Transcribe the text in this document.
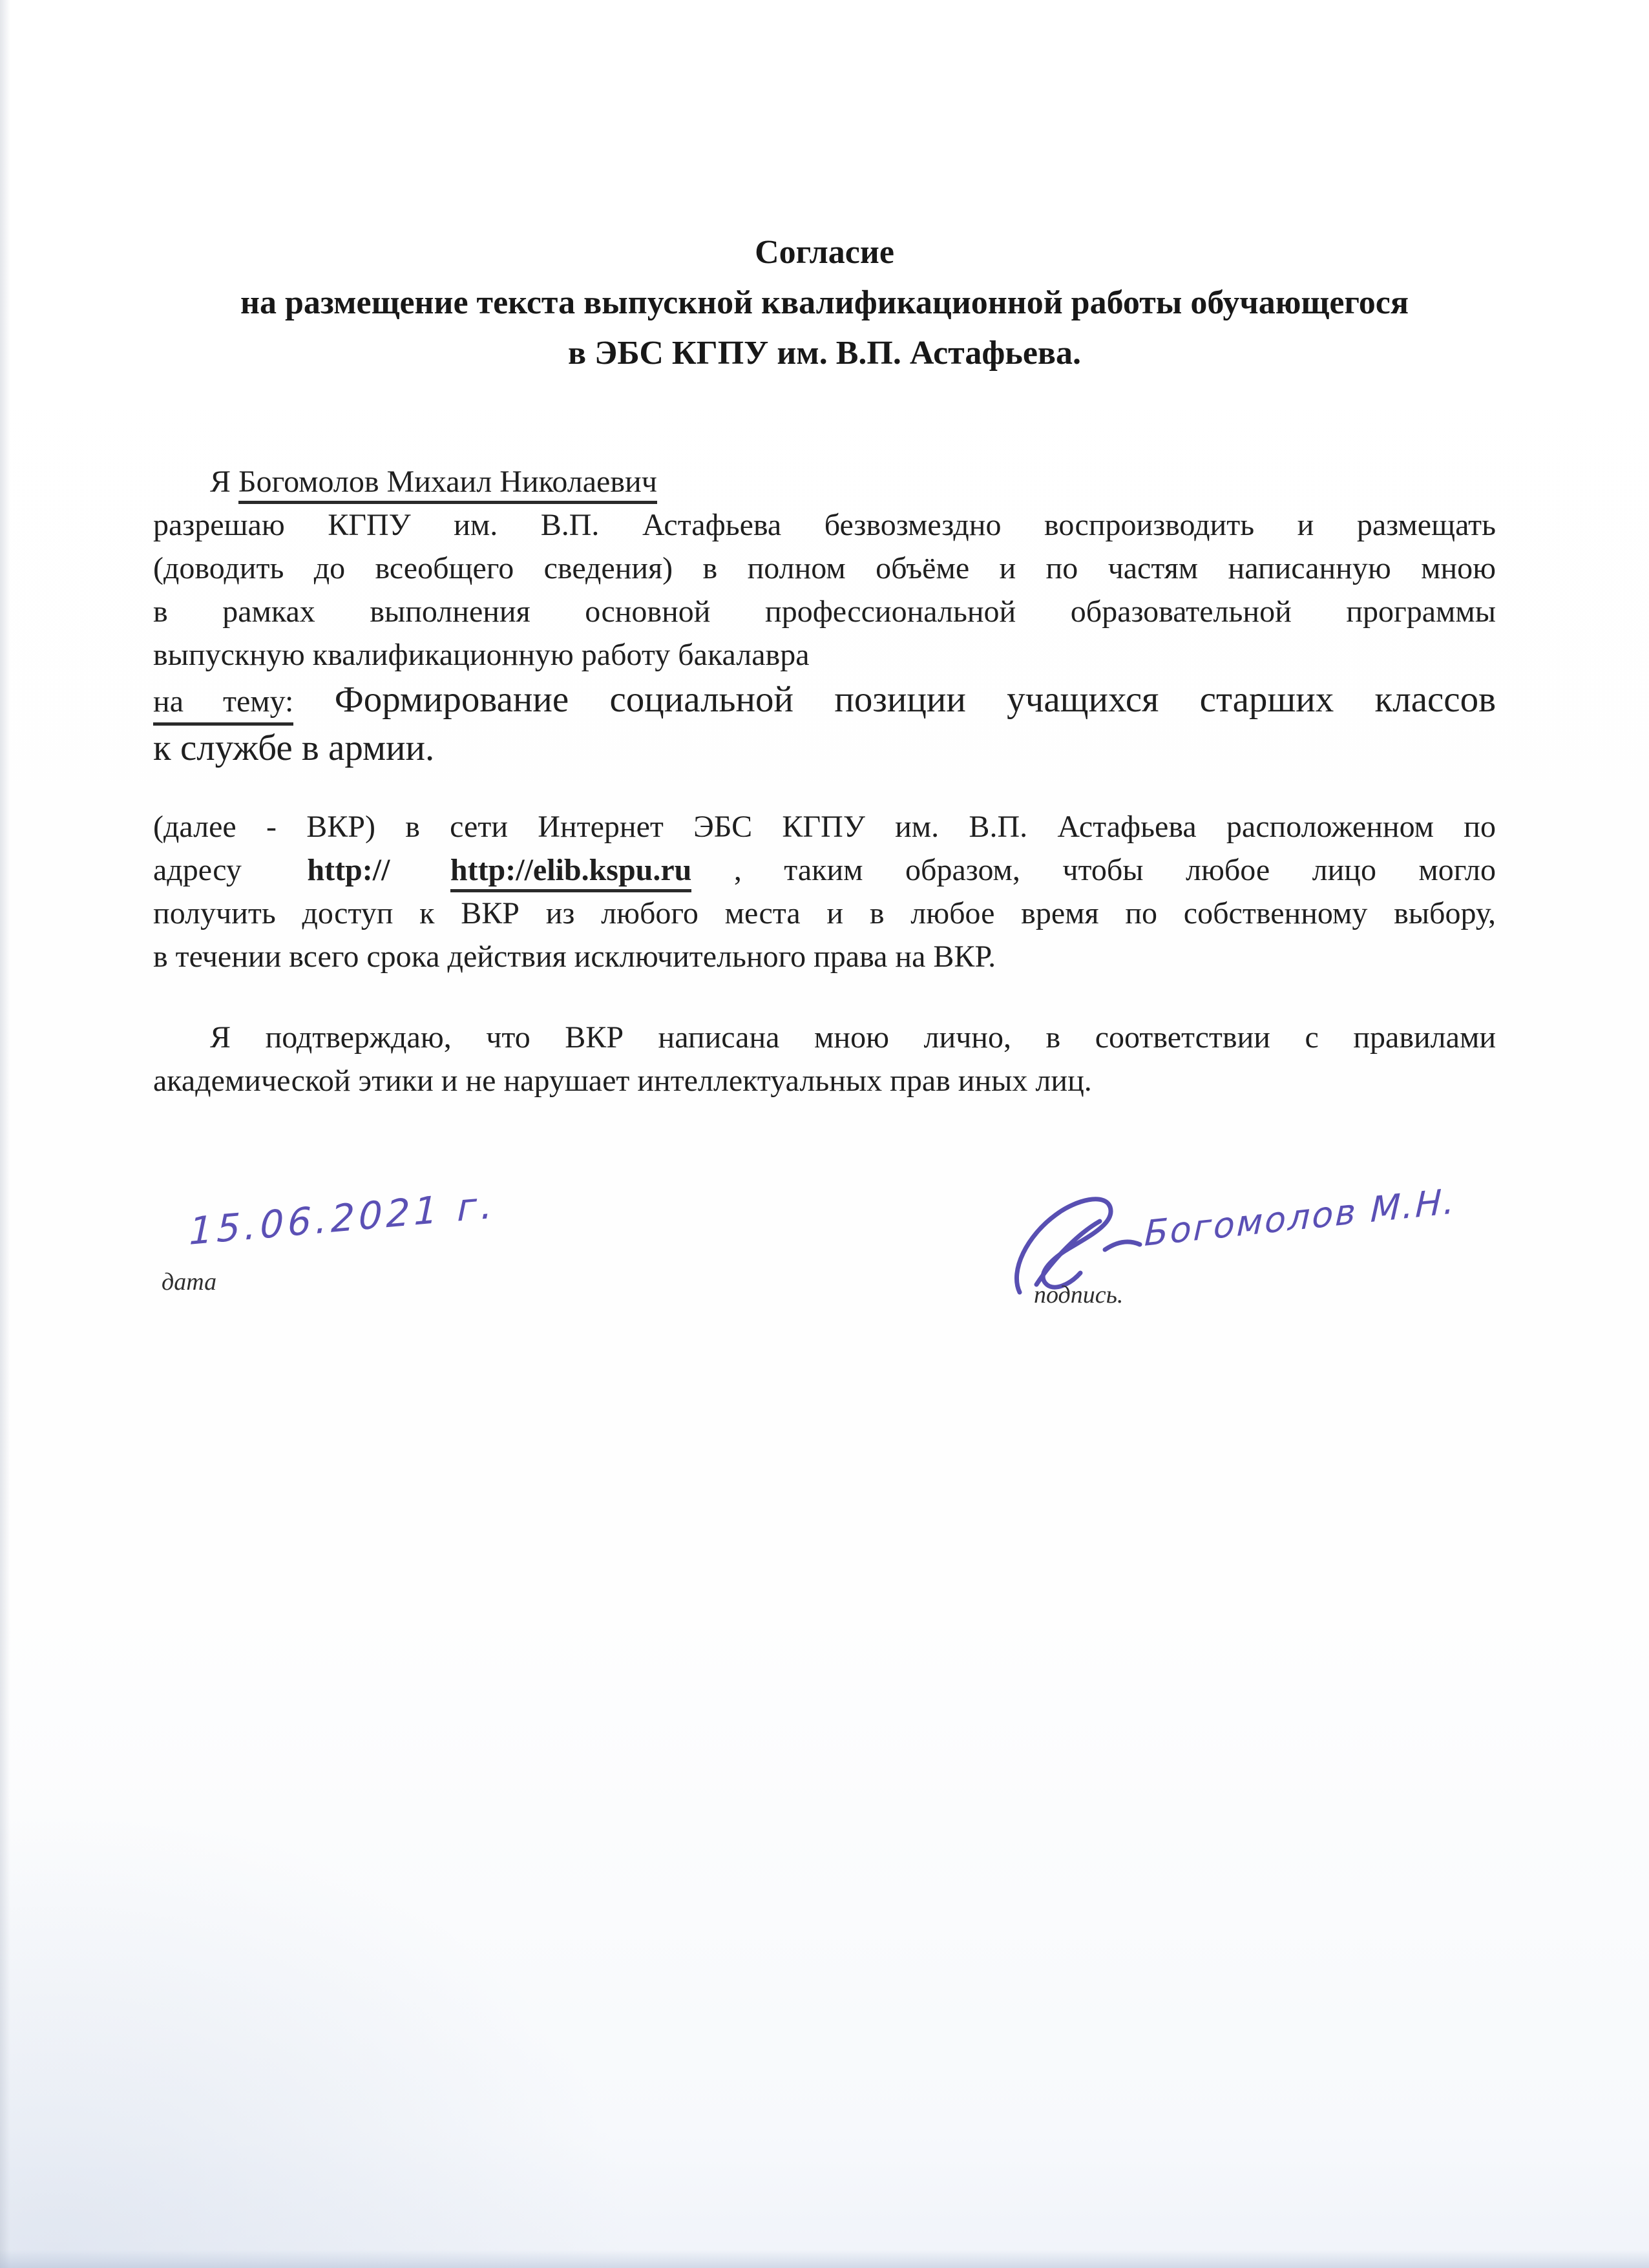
Согласие
на размещение текста выпускной квалификационной работы обучающегося
в ЭБС КГПУ им. В.П. Астафьева.

Я Богомолов Михаил Николаевич

разрешаю КГПУ им. В.П. Астафьева безвозмездно воспроизводить и размещать
(доводить до всеобщего сведения) в полном объёме и по частям написанную мною
в рамках выполнения основной профессиональной образовательной программы
выпускную квалификационную работу бакалавра

на тему: Формирование социальной позиции учащихся старших классов
к службе в армии.

(далее - ВКР) в сети Интернет ЭБС КГПУ им. В.П. Астафьева расположенном по
адресу http:// http://elib.kspu.ru , таким образом, чтобы любое лицо могло
получить доступ к ВКР из любого места и в любое время по собственному выбору,
в течении всего срока действия исключительного права на ВКР.

Я подтверждаю, что ВКР написана мною лично, в соответствии с правилами
академической этики и не нарушает интеллектуальных прав иных лиц.

15.06.2021 г.
дата
Богомолов М.Н.
подпись.
